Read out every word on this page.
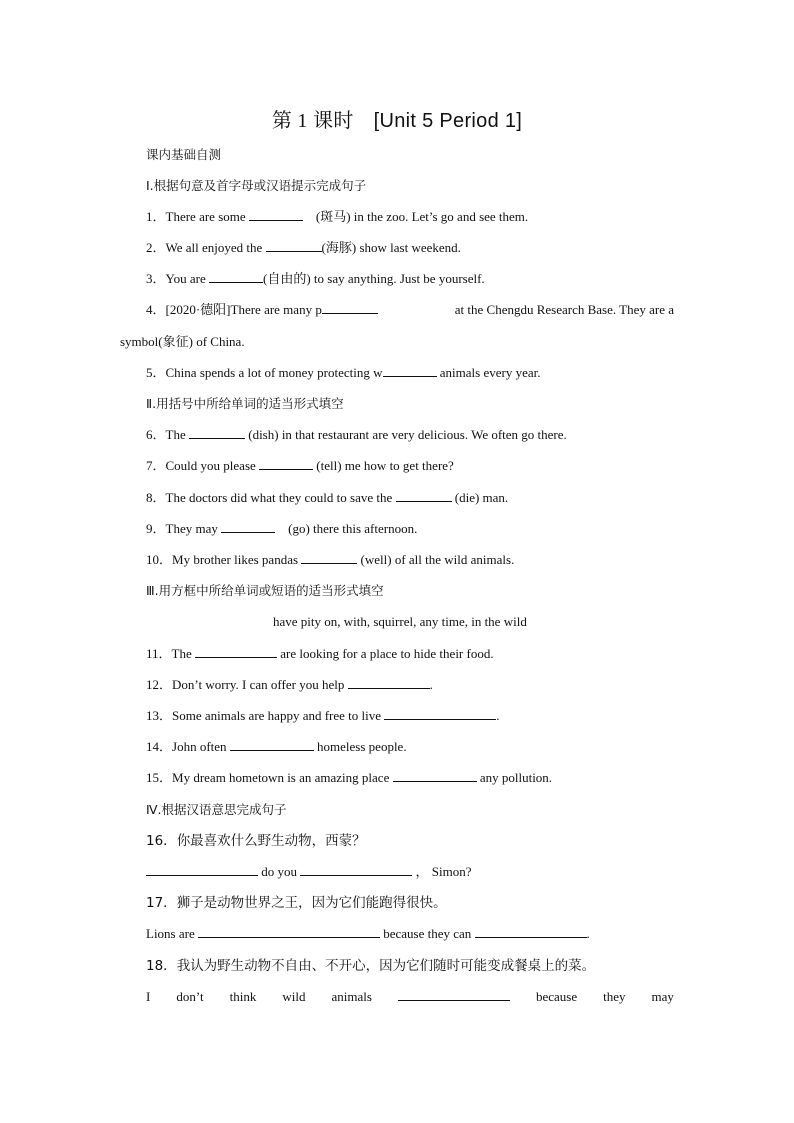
第 1 课时 [Unit 5 Period 1]
课内基础自测
Ⅰ.根据句意及首字母或汉语提示完成句子
1．There are some	(斑马) in the zoo. Let’s go and see them.
2．We all enjoyed the	(海豚) show last weekend.
3．You are	(自由的) to say anything. Just be yourself.
4．[2020·德阳]There are many p	at the Chengdu Research Base. They are a
symbol(象征) of China.
5．China spends a lot of money protecting w	animals every year.
Ⅱ.用括号中所给单词的适当形式填空
6．The	(dish) in that restaurant are very delicious. We often go there.
7．Could you please	(tell) me how to get there?
8．The doctors did what they could to save the	(die) man.
9．They may	(go) there this afternoon.
10．My brother likes pandas	(well) of all the wild animals.
Ⅲ.用方框中所给单词或短语的适当形式填空
have pity on, with, squirrel, any time, in the wild
11．The	are looking for a place to hide their food.
12．Don’t worry. I can offer you help	.
13．Some animals are happy and free to live	.
14．John often	homeless people.
15．My dream hometown is an amazing place	any pollution.
Ⅳ.根据汉语意思完成句子
16．你最喜欢什么野生动物，西蒙？
do you	， Simon?
17．狮子是动物世界之王，因为它们能跑得很快。
Lions are	because they can	.
18．我认为野生动物不自由、不开心，因为它们随时可能变成餐桌上的菜。
I don’t think wild animals	because they may
